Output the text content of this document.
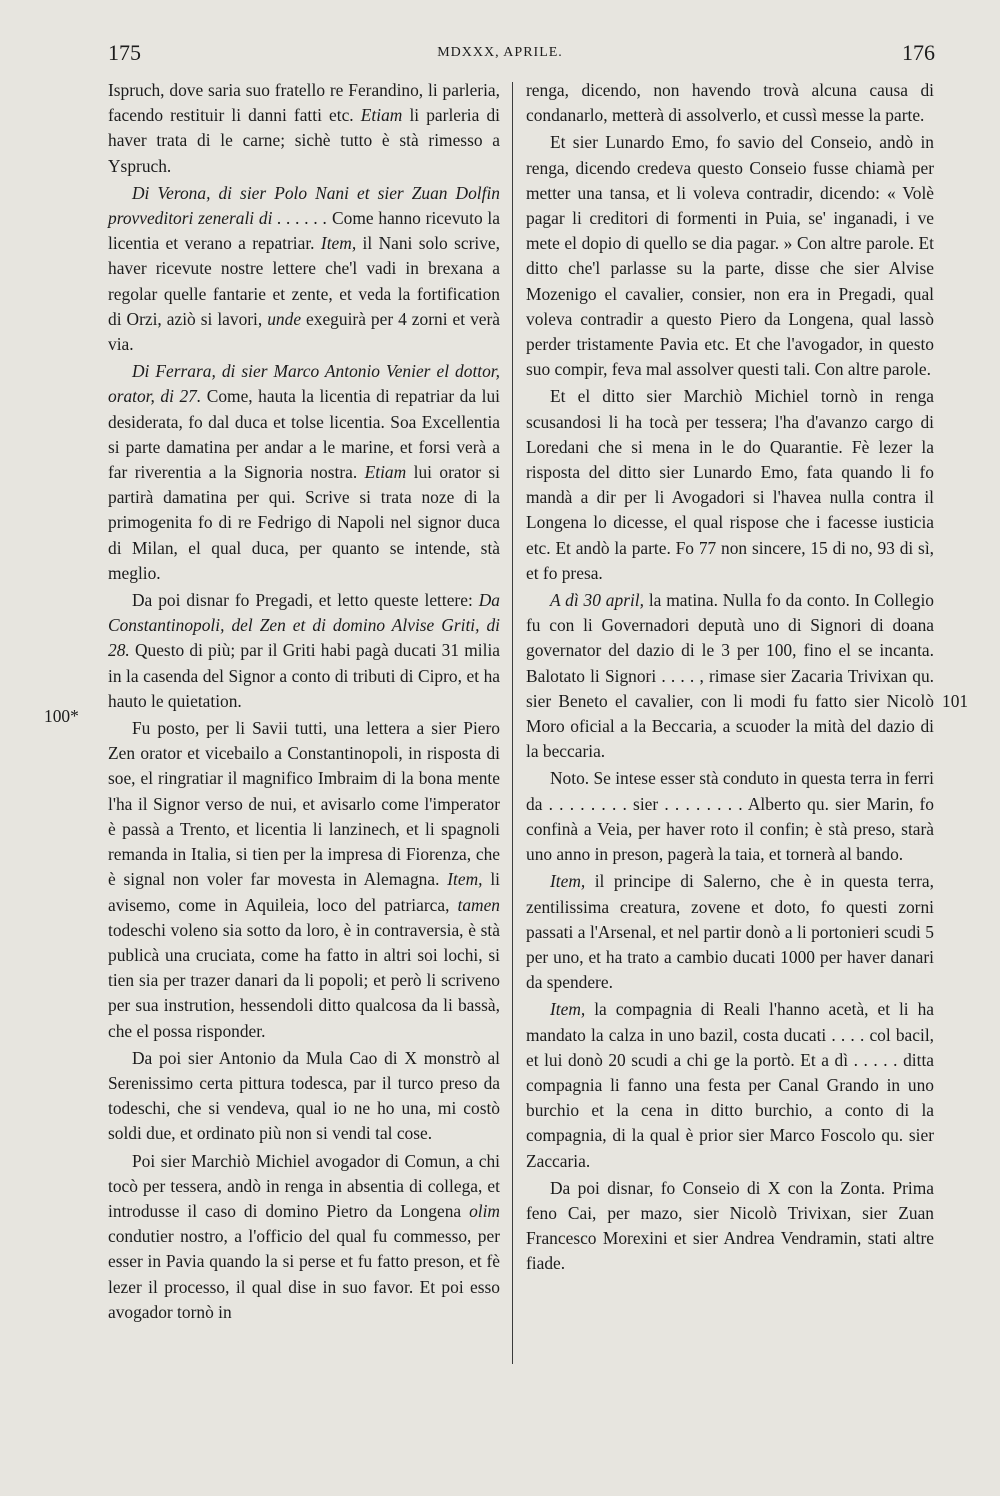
175	MDXXX, APRILE.	176
100*
101

Ispruch, dove saria suo fratello re Ferandino, li parleria, facendo restituir li danni fatti etc. Etiam li parleria di haver trata di le carne; sichè tutto è stà rimesso a Yspruch.

Di Verona, di sier Polo Nani et sier Zuan Dolfin provveditori zenerali di . . . . . . Come hanno ricevuto la licentia et verano a repatriar. Item, il Nani solo scrive, haver ricevute nostre lettere che'l vadi in brexana a regolar quelle fantarie et zente, et veda la fortification di Orzi, aziò si lavori, unde exeguirà per 4 zorni et verà via.

Di Ferrara, di sier Marco Antonio Venier el dottor, orator, di 27. Come, hauta la licentia di repatriar da lui desiderata, fo dal duca et tolse licentia. Soa Excellentia si parte damatina per andar a le marine, et forsi verà a far riverentia a la Signoria nostra. Etiam lui orator si partirà damatina per qui. Scrive si trata noze di la primogenita fo di re Fedrigo di Napoli nel signor duca di Milan, el qual duca, per quanto se intende, stà meglio.

Da poi disnar fo Pregadi, et letto queste lettere: Da Constantinopoli, del Zen et di domino Alvise Griti, di 28. Questo di più; par il Griti habi pagà ducati 31 milia in la casenda del Signor a conto di tributi di Cipro, et ha hauto le quietation.

Fu posto, per li Savii tutti, una lettera a sier Piero Zen orator et vicebailo a Constantinopoli, in risposta di soe, el ringratiar il magnifico Imbraim di la bona mente l'ha il Signor verso de nui, et avisarlo come l'imperator è passà a Trento, et licentia li lanzinech, et li spagnoli remanda in Italia, si tien per la impresa di Fiorenza, che è signal non voler far movesta in Alemagna. Item, li avisemo, come in Aquileia, loco del patriarca, tamen todeschi voleno sia sotto da loro, è in contraversia, è stà publicà una cruciata, come ha fatto in altri soi lochi, si tien sia per trazer danari da li popoli; et però li scriveno per sua instrution, hessendoli ditto qualcosa da li bassà, che el possa risponder.

Da poi sier Antonio da Mula Cao di X monstrò al Serenissimo certa pittura todesca, par il turco preso da todeschi, che si vendeva, qual io ne ho una, mi costò soldi due, et ordinato più non si vendi tal cose.

Poi sier Marchiò Michiel avogador di Comun, a chi tocò per tessera, andò in renga in absentia di collega, et introdusse il caso di domino Pietro da Longena olim condutier nostro, a l'officio del qual fu commesso, per esser in Pavia quando la si perse et fu fatto preson, et fè lezer il processo, il qual dise in suo favor. Et poi esso avogador tornò in

renga, dicendo, non havendo trovà alcuna causa di condanarlo, metterà di assolverlo, et cussì messe la parte.

Et sier Lunardo Emo, fo savio del Conseio, andò in renga, dicendo credeva questo Conseio fusse chiamà per metter una tansa, et li voleva contradir, dicendo: « Volè pagar li creditori di formenti in Puia, se' inganadi, i ve mete el dopio di quello se dia pagar. » Con altre parole. Et ditto che'l parlasse su la parte, disse che sier Alvise Mozenigo el cavalier, consier, non era in Pregadi, qual voleva contradir a questo Piero da Longena, qual lassò perder tristamente Pavia etc. Et che l'avogador, in questo suo compir, feva mal assolver questi tali. Con altre parole.

Et el ditto sier Marchiò Michiel tornò in renga scusandosi li ha tocà per tessera; l'ha d'avanzo cargo di Loredani che si mena in le do Quarantie. Fè lezer la risposta del ditto sier Lunardo Emo, fata quando li fo mandà a dir per li Avogadori si l'havea nulla contra il Longena lo dicesse, el qual rispose che i facesse iusticia etc. Et andò la parte. Fo 77 non sincere, 15 di no, 93 di sì, et fo presa.

A dì 30 april, la matina. Nulla fo da conto. In Collegio fu con li Governadori deputà uno di Signori di doana governator del dazio di le 3 per 100, fino el se incanta. Balotato li Signori . . . . , rimase sier Zacaria Trivixan qu. sier Beneto el cavalier, con li modi fu fatto sier Nicolò Moro oficial a la Beccaria, a scuoder la mità del dazio di la beccaria.

Noto. Se intese esser stà conduto in questa terra in ferri da . . . . . . . . sier . . . . . . . . Alberto qu. sier Marin, fo confinà a Veia, per haver roto il confin; è stà preso, starà uno anno in preson, pagerà la taia, et tornerà al bando.

Item, il principe di Salerno, che è in questa terra, zentilissima creatura, zovene et doto, fo questi zorni passati a l'Arsenal, et nel partir donò a li portonieri scudi 5 per uno, et ha trato a cambio ducati 1000 per haver danari da spendere.

Item, la compagnia di Reali l'hanno acetà, et li ha mandato la calza in uno bazil, costa ducati . . . . col bacil, et lui donò 20 scudi a chi ge la portò. Et a dì . . . . . ditta compagnia li fanno una festa per Canal Grando in uno burchio et la cena in ditto burchio, a conto di la compagnia, di la qual è prior sier Marco Foscolo qu. sier Zaccaria.

Da poi disnar, fo Conseio di X con la Zonta. Prima feno Cai, per mazo, sier Nicolò Trivixan, sier Zuan Francesco Morexini et sier Andrea Vendramin, stati altre fiade.
